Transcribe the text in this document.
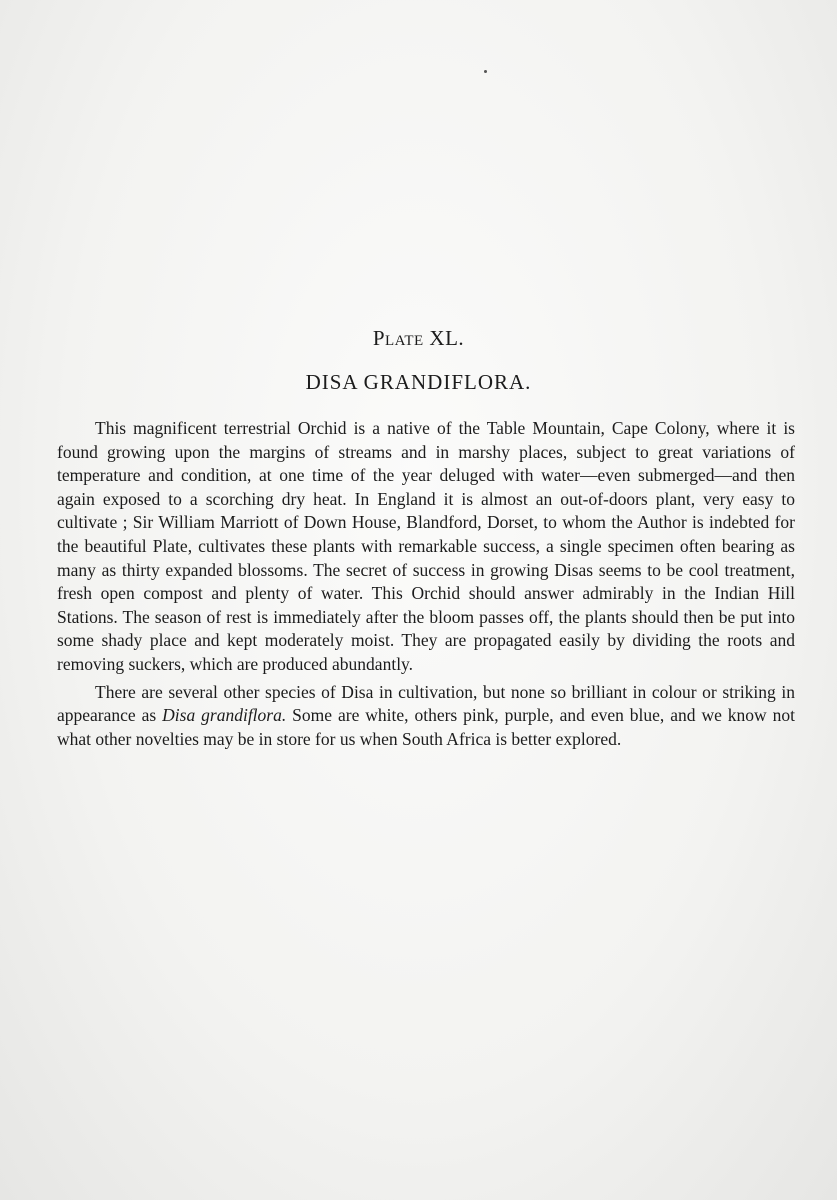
Plate XL.
DISA GRANDIFLORA.

This magnificent terrestrial Orchid is a native of the Table Mountain, Cape Colony, where it is found growing upon the margins of streams and in marshy places, subject to great variations of temperature and condition, at one time of the year deluged with water—even submerged—and then again exposed to a scorching dry heat. In England it is almost an out-of-doors plant, very easy to cultivate ; Sir William Marriott of Down House, Blandford, Dorset, to whom the Author is indebted for the beautiful Plate, cultivates these plants with remarkable success, a single specimen often bearing as many as thirty expanded blossoms. The secret of success in growing Disas seems to be cool treatment, fresh open compost and plenty of water. This Orchid should answer admirably in the Indian Hill Stations. The season of rest is immediately after the bloom passes off, the plants should then be put into some shady place and kept moderately moist. They are propagated easily by dividing the roots and removing suckers, which are produced abundantly.

There are several other species of Disa in cultivation, but none so brilliant in colour or striking in appearance as Disa grandiflora. Some are white, others pink, purple, and even blue, and we know not what other novelties may be in store for us when South Africa is better explored.
